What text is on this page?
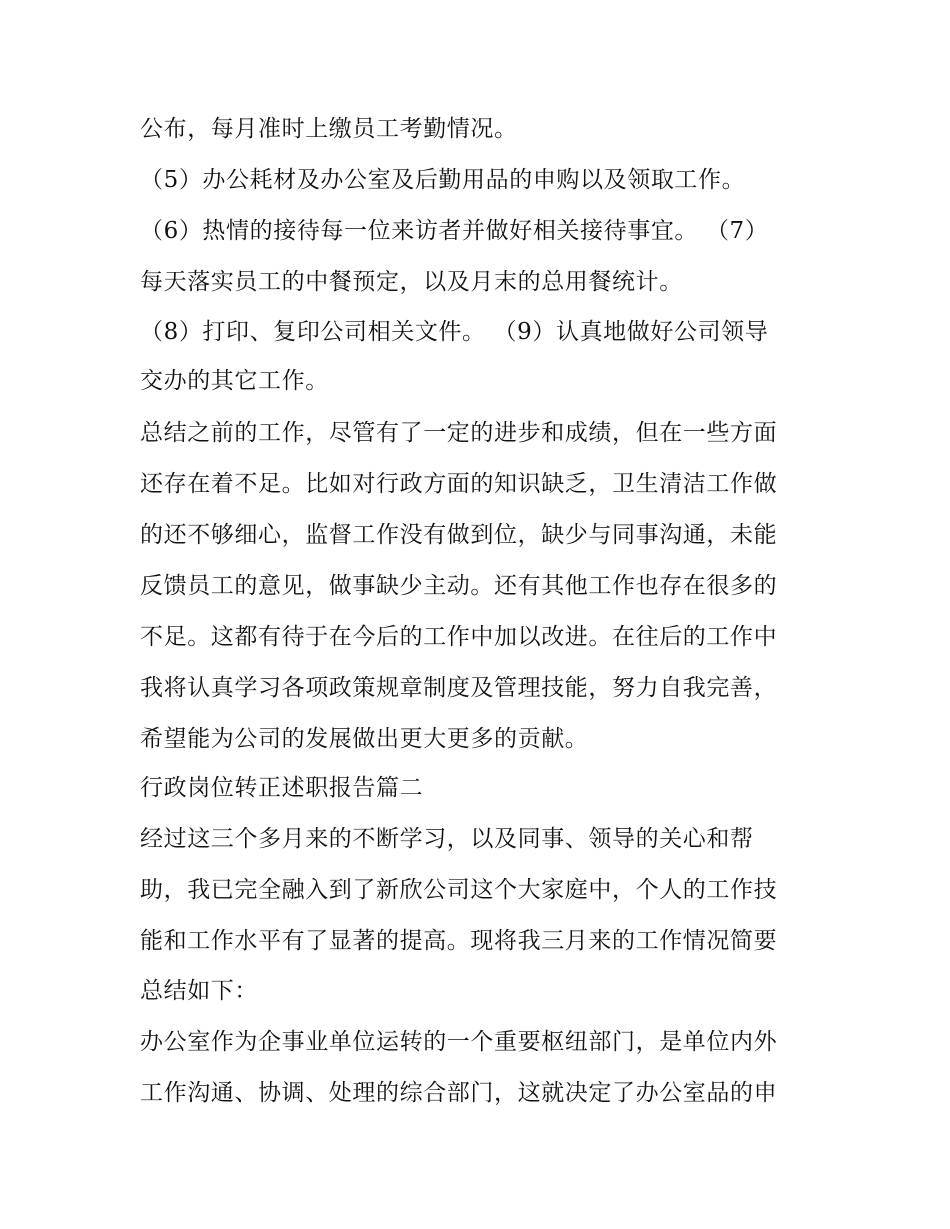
公布，每月准时上缴员工考勤情况。
（5）办公耗材及办公室及后勤用品的申购以及领取工作。
（6）热情的接待每一位来访者并做好相关接待事宜。 （7）
每天落实员工的中餐预定，以及月末的总用餐统计。
（8）打印、复印公司相关文件。 （9）认真地做好公司领导
交办的其它工作。
总结之前的工作，尽管有了一定的进步和成绩，但在一些方面
还存在着不足。比如对行政方面的知识缺乏，卫生清洁工作做
的还不够细心，监督工作没有做到位，缺少与同事沟通，未能
反馈员工的意见，做事缺少主动。还有其他工作也存在很多的
不足。这都有待于在今后的工作中加以改进。在往后的工作中
我将认真学习各项政策规章制度及管理技能，努力自我完善，
希望能为公司的发展做出更大更多的贡献。
行政岗位转正述职报告篇二
经过这三个多月来的不断学习，以及同事、领导的关心和帮
助，我已完全融入到了新欣公司这个大家庭中，个人的工作技
能和工作水平有了显著的提高。现将我三月来的工作情况简要
总结如下：
办公室作为企事业单位运转的一个重要枢纽部门，是单位内外
工作沟通、协调、处理的综合部门，这就决定了办公室品的申
